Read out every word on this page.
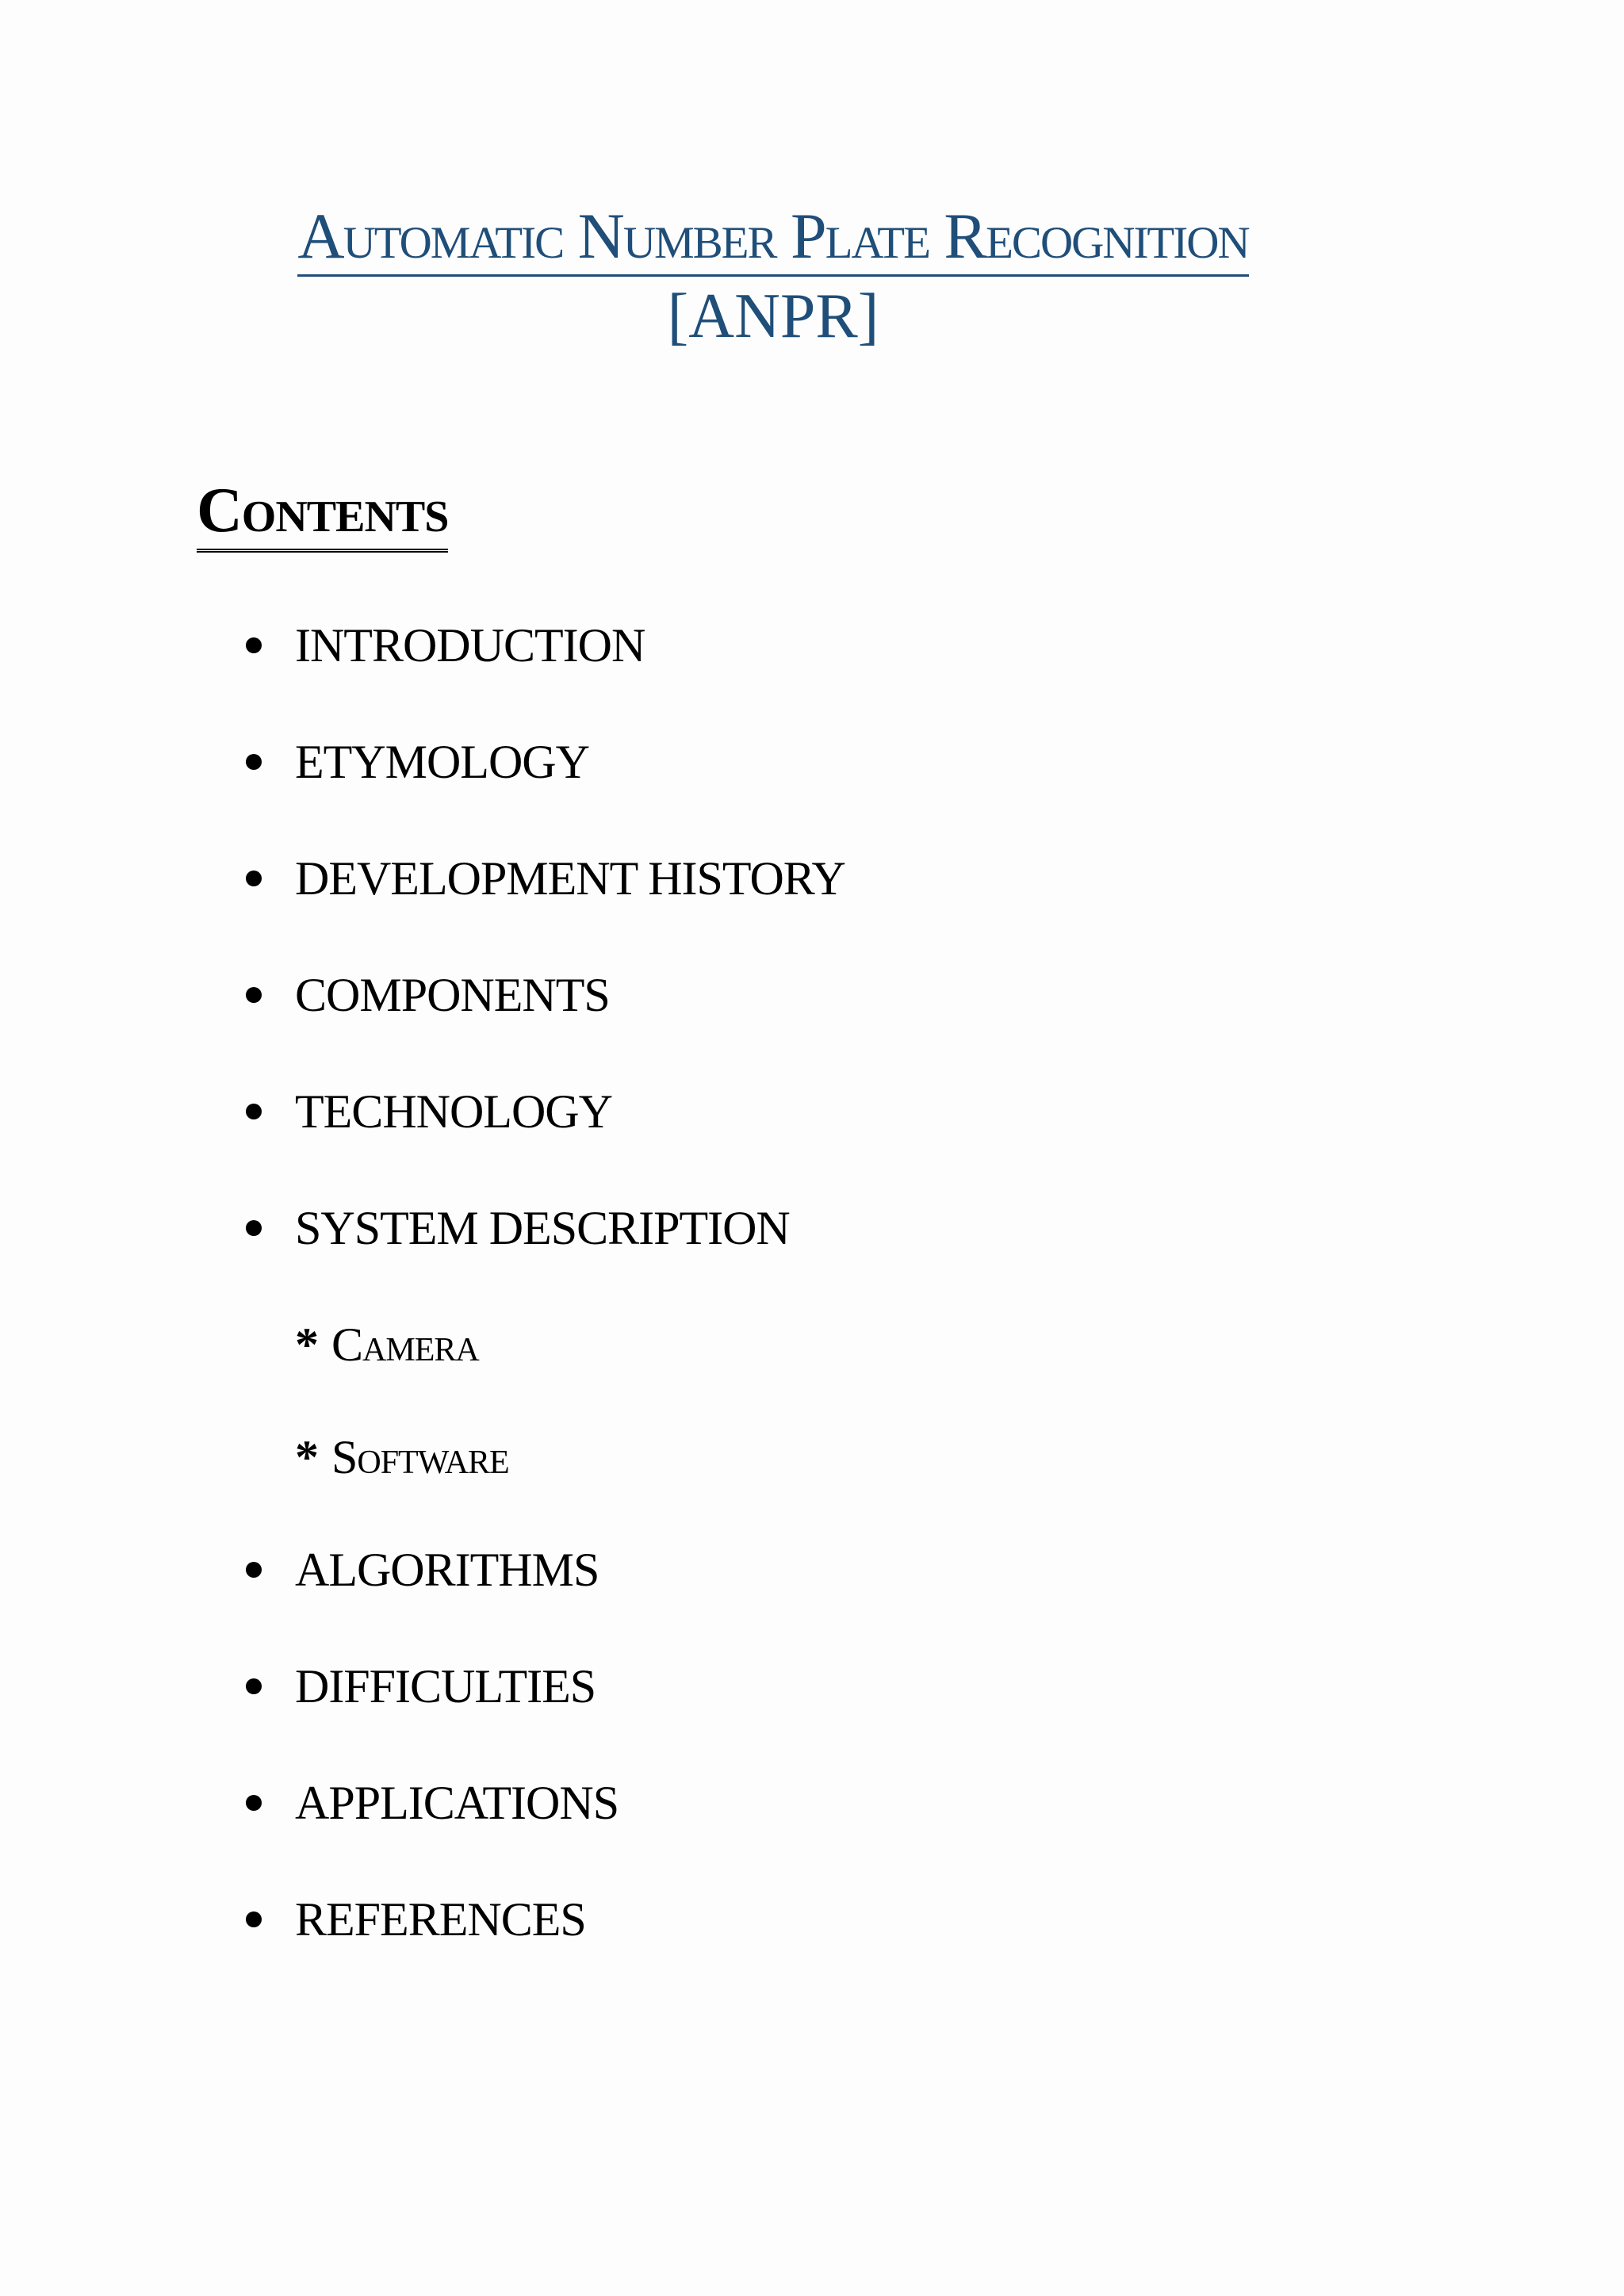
Automatic Number Plate Recognition
[ANPR]
Contents
INTRODUCTION
ETYMOLOGY
DEVELOPMENT HISTORY
COMPONENTS
TECHNOLOGY
SYSTEM DESCRIPTION
* Camera
* Software
ALGORITHMS
DIFFICULTIES
APPLICATIONS
REFERENCES
